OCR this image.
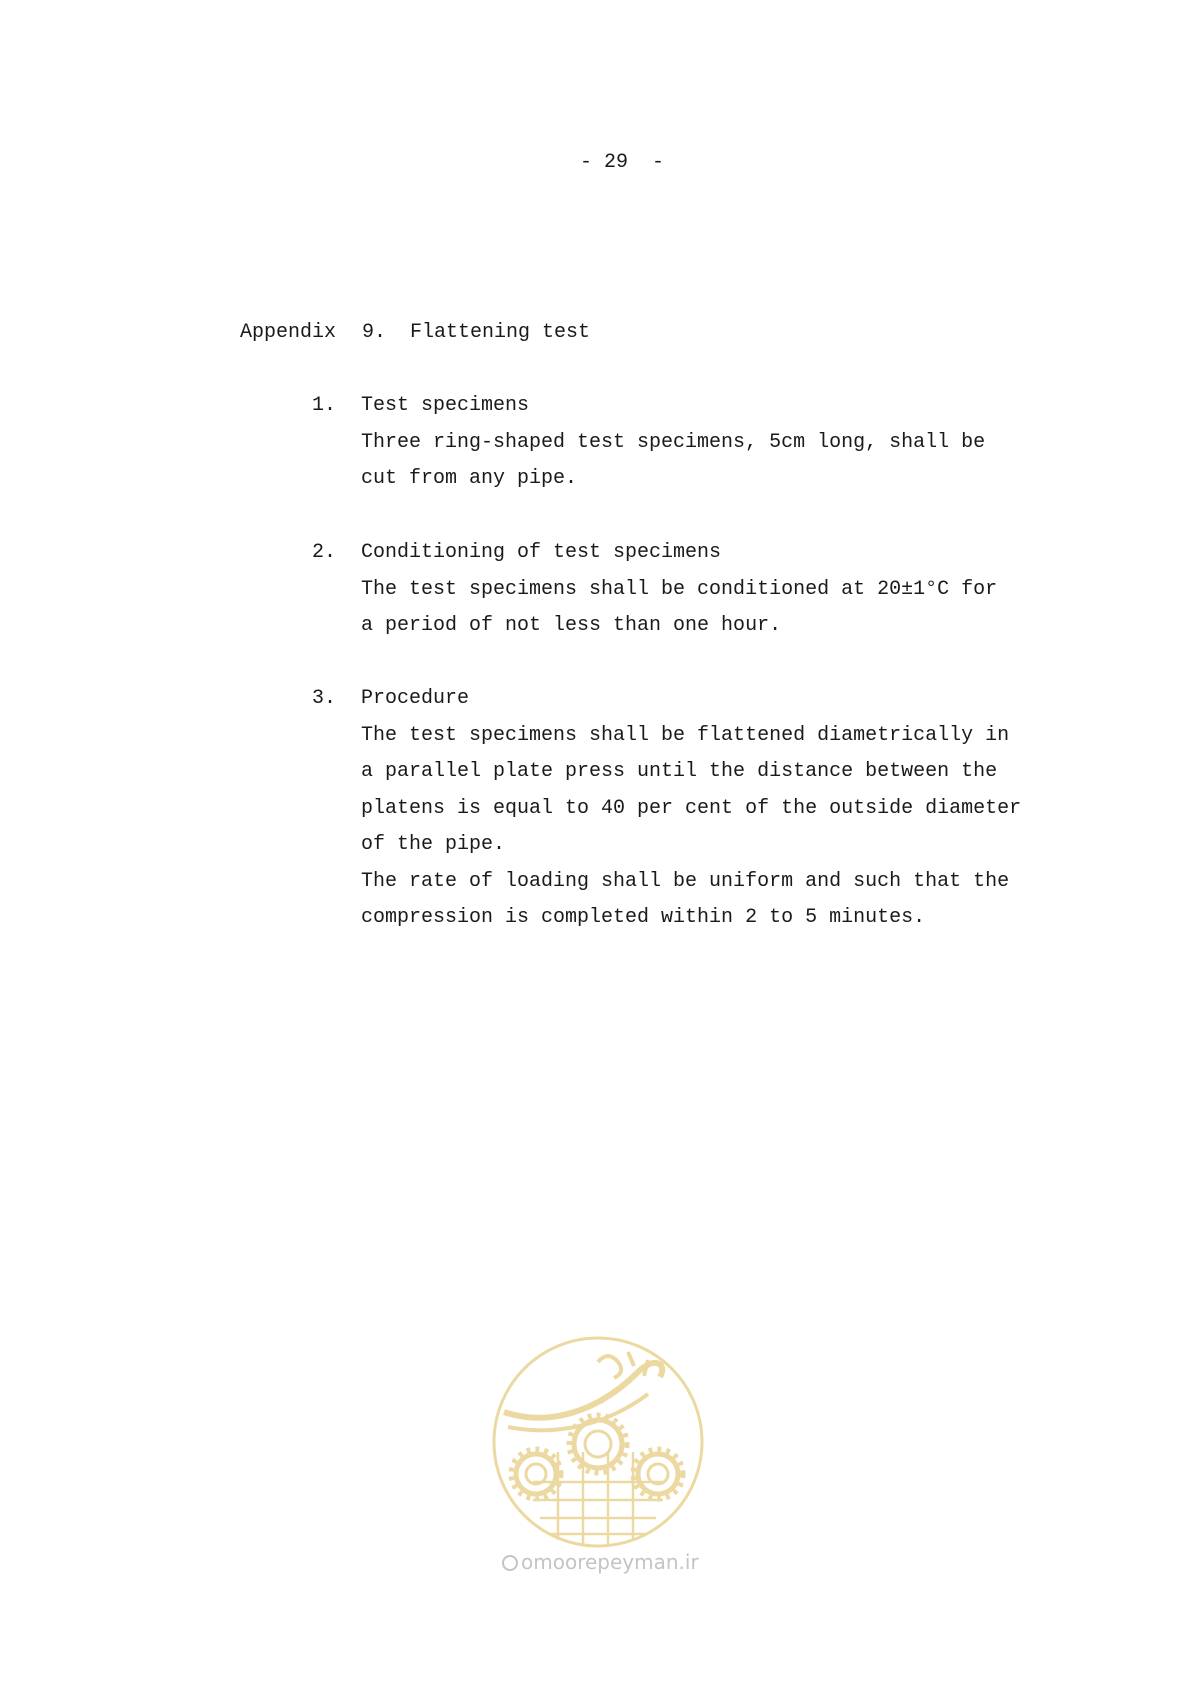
- 29  -
Appendix 9. Flattening test
1. Test specimens
Three ring-shaped test specimens, 5cm long, shall be
cut from any pipe.
2. Conditioning of test specimens
The test specimens shall be conditioned at 20±1°C for
a period of not less than one hour.
3. Procedure
The test specimens shall be flattened diametrically in
a parallel plate press until the distance between the
platens is equal to 40 per cent of the outside diameter
of the pipe.
The rate of loading shall be uniform and such that the
compression is completed within 2 to 5 minutes.
omoorepeyman.ir
